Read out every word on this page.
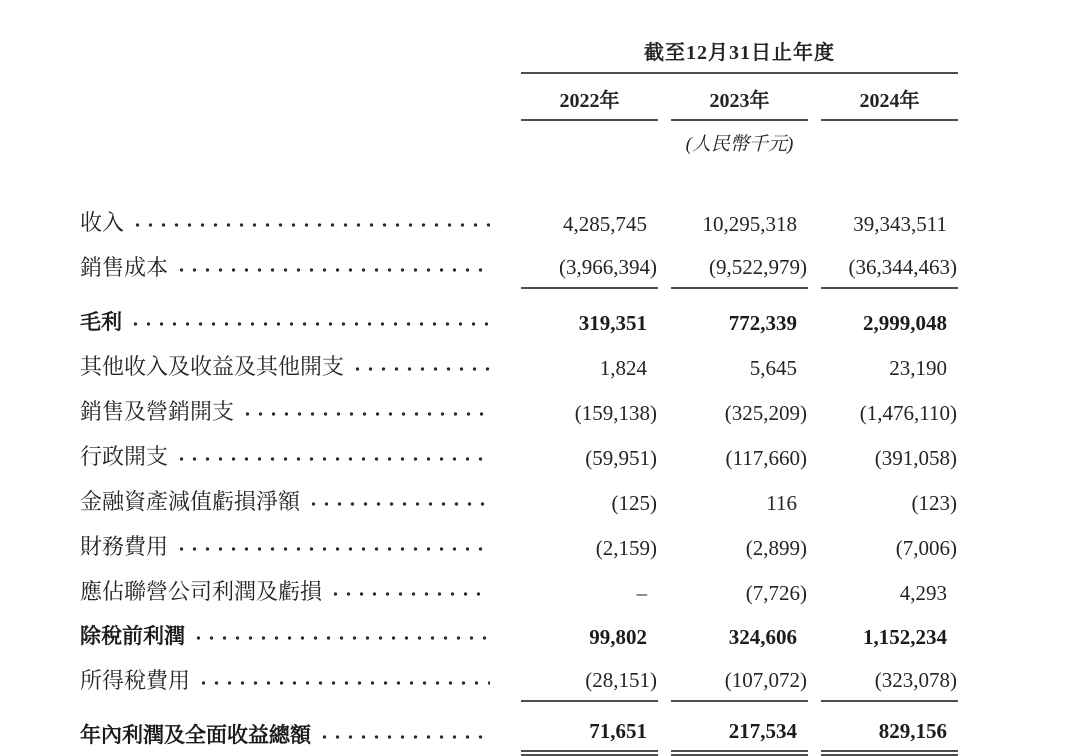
	截至12月31日止年度		

	2022年	2023年	2024年

	(人民幣千元)		

收入	4,285,745	10,295,318	39,343,511

銷售成本	(3,966,394)	(9,522,979)	(36,344,463)

毛利	319,351	772,339	2,999,048

其他收入及收益及其他開支	1,824	5,645	23,190

銷售及營銷開支	(159,138)	(325,209)	(1,476,110)

行政開支	(59,951)	(117,660)	(391,058)

金融資產減值虧損淨額	(125)	116	(123)

財務費用	(2,159)	(2,899)	(7,006)

應佔聯營公司利潤及虧損	–	(7,726)	4,293

除稅前利潤	99,802	324,606	1,152,234

所得稅費用	(28,151)	(107,072)	(323,078)

年內利潤及全面收益總額	71,651	217,534	829,156
